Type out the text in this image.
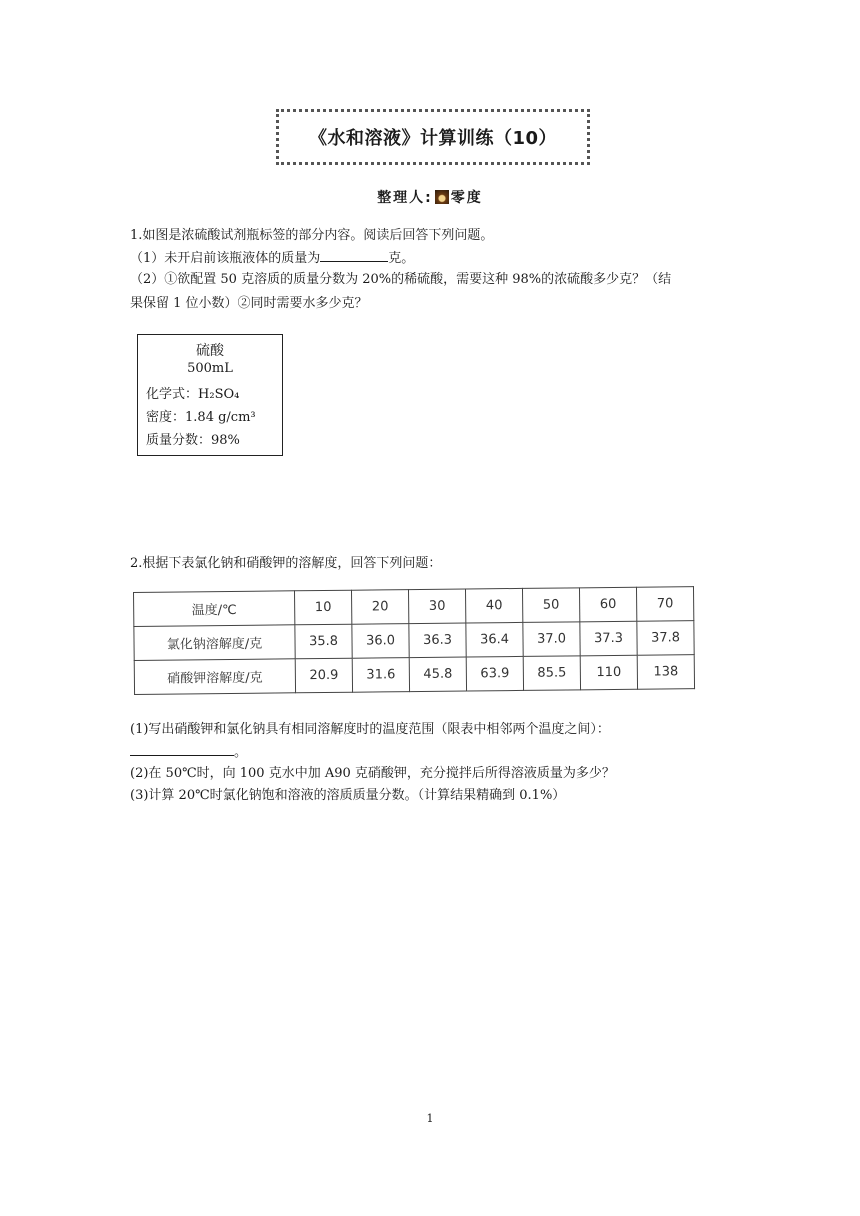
《水和溶液》计算训练（10）
整理人: 零度
1.如图是浓硫酸试剂瓶标签的部分内容。阅读后回答下列问题。
（1）未开启前该瓶液体的质量为	克。
（2）①欲配置 50 克溶质的质量分数为 20%的稀硫酸，需要这种 98%的浓硫酸多少克？（结
果保留 1 位小数）②同时需要水多少克？
硫酸
500mL
化学式：H₂SO₄
密度：1.84 g/cm³
质量分数：98%
2.根据下表氯化钠和硝酸钾的溶解度，回答下列问题：
温度/℃	10	20	30	40	50	60	70
氯化钠溶解度/克	35.8	36.0	36.3	36.4	37.0	37.3	37.8
硝酸钾溶解度/克	20.9	31.6	45.8	63.9	85.5	110	138
(1)写出硝酸钾和氯化钠具有相同溶解度时的温度范围（限表中相邻两个温度之间）：
。
(2)在 50℃时，向 100 克水中加 A90 克硝酸钾，充分搅拌后所得溶液质量为多少？
(3)计算 20℃时氯化钠饱和溶液的溶质质量分数。（计算结果精确到 0.1%）
1
